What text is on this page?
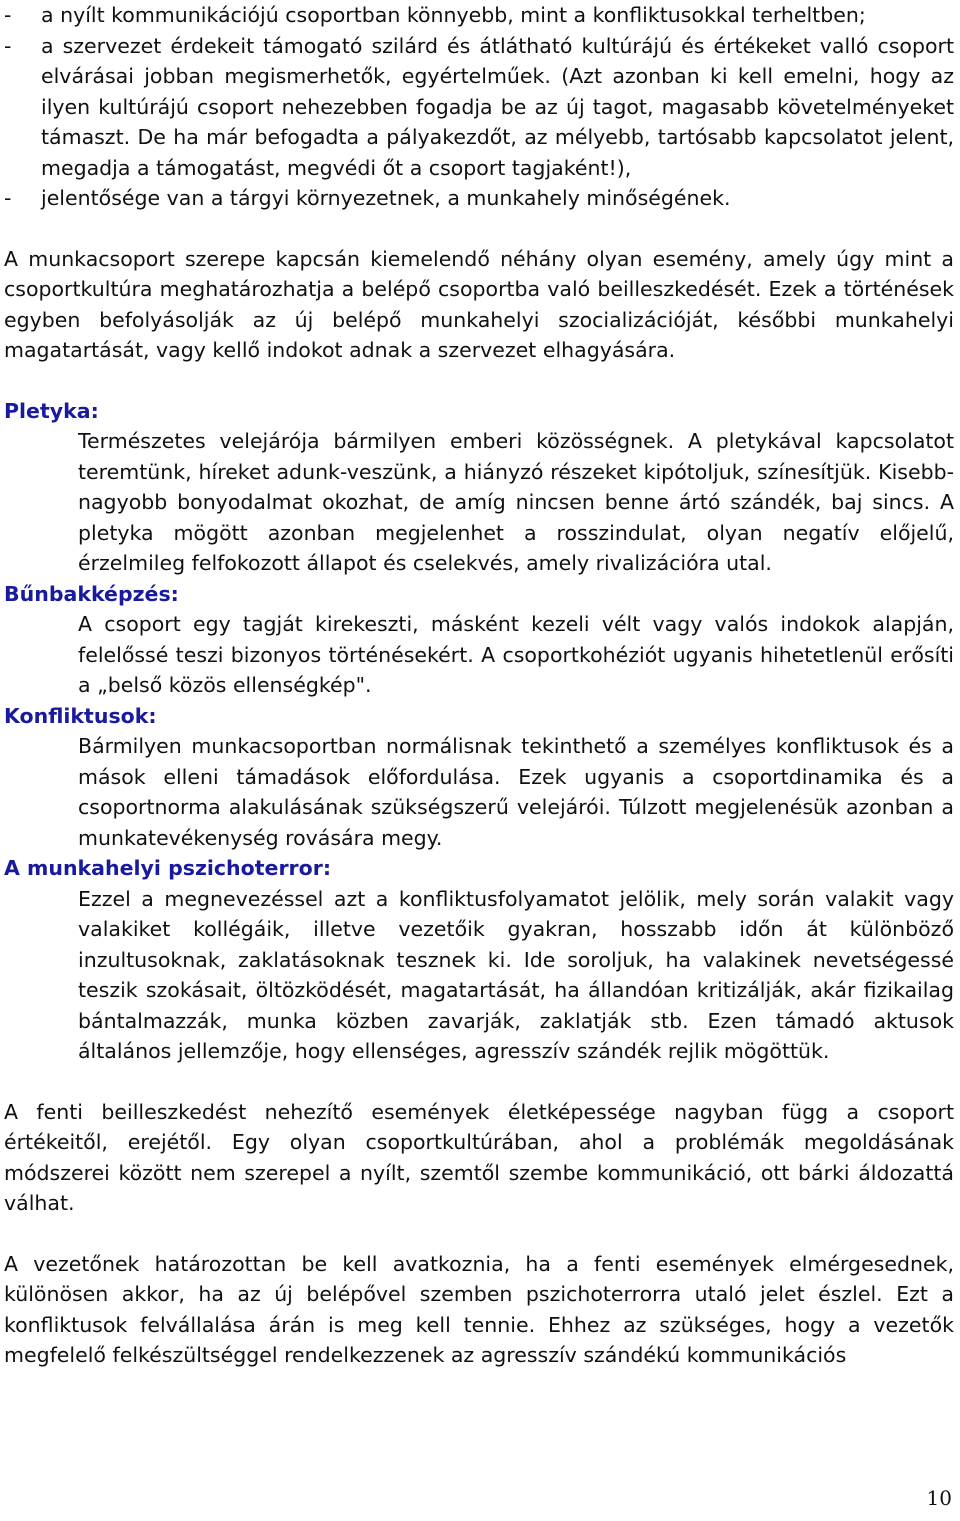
- a nyílt kommunikációjú csoportban könnyebb, mint a konfliktusokkal terheltben;
- a szervezet érdekeit támogató szilárd és átlátható kultúrájú és értékeket valló csoport elvárásai jobban megismerhetők, egyértelműek. (Azt azonban ki kell emelni, hogy az ilyen kultúrájú csoport nehezebben fogadja be az új tagot, magasabb követelményeket támaszt. De ha már befogadta a pályakezdőt, az mélyebb, tartósabb kapcsolatot jelent, megadja a támogatást, megvédi őt a csoport tagjaként!),
- jelentősége van a tárgyi környezetnek, a munkahely minőségének.

A munkacsoport szerepe kapcsán kiemelendő néhány olyan esemény, amely úgy mint a csoportkultúra meghatározhatja a belépő csoportba való beilleszkedését. Ezek a történések egyben befolyásolják az új belépő munkahelyi szocializációját, későbbi munkahelyi magatartását, vagy kellő indokot adnak a szervezet elhagyására.

Pletyka:

Természetes velejárója bármilyen emberi közösségnek. A pletykával kapcsolatot teremtünk, híreket adunk-veszünk, a hiányzó részeket kipótoljuk, színesítjük. Kisebb-nagyobb bonyodalmat okozhat, de amíg nincsen benne ártó szándék, baj sincs. A pletyka mögött azonban megjelenhet a rosszindulat, olyan negatív előjelű, érzelmileg felfokozott állapot és cselekvés, amely rivalizációra utal.

Bűnbakképzés:

A csoport egy tagját kirekeszti, másként kezeli vélt vagy valós indokok alapján, felelőssé teszi bizonyos történésekért. A csoportkohéziót ugyanis hihetetlenül erősíti a „belső közös ellenségkép".

Konfliktusok:

Bármilyen munkacsoportban normálisnak tekinthető a személyes konfliktusok és a mások elleni támadások előfordulása. Ezek ugyanis a csoportdinamika és a csoportnorma alakulásának szükségszerű velejárói. Túlzott megjelenésük azonban a munkatevékenység rovására megy.

A munkahelyi pszichoterror:

Ezzel a megnevezéssel azt a konfliktusfolyamatot jelölik, mely során valakit vagy valakiket kollégáik, illetve vezetőik gyakran, hosszabb időn át különböző inzultusoknak, zaklatásoknak tesznek ki. Ide soroljuk, ha valakinek nevetségessé teszik szokásait, öltözködését, magatartását, ha állandóan kritizálják, akár fizikailag bántalmazzák, munka közben zavarják, zaklatják stb. Ezen támadó aktusok általános jellemzője, hogy ellenséges, agresszív szándék rejlik mögöttük.

A fenti beilleszkedést nehezítő események életképessége nagyban függ a csoport értékeitől, erejétől. Egy olyan csoportkultúrában, ahol a problémák megoldásának módszerei között nem szerepel a nyílt, szemtől szembe kommunikáció, ott bárki áldozattá válhat.

A vezetőnek határozottan be kell avatkoznia, ha a fenti események elmérgesednek, különösen akkor, ha az új belépővel szemben pszichoterrorra utaló jelet észlel. Ezt a konfliktusok felvállalása árán is meg kell tennie. Ehhez az szükséges, hogy a vezetők megfelelő felkészültséggel rendelkezzenek az agresszív szándékú kommunikációs

10
